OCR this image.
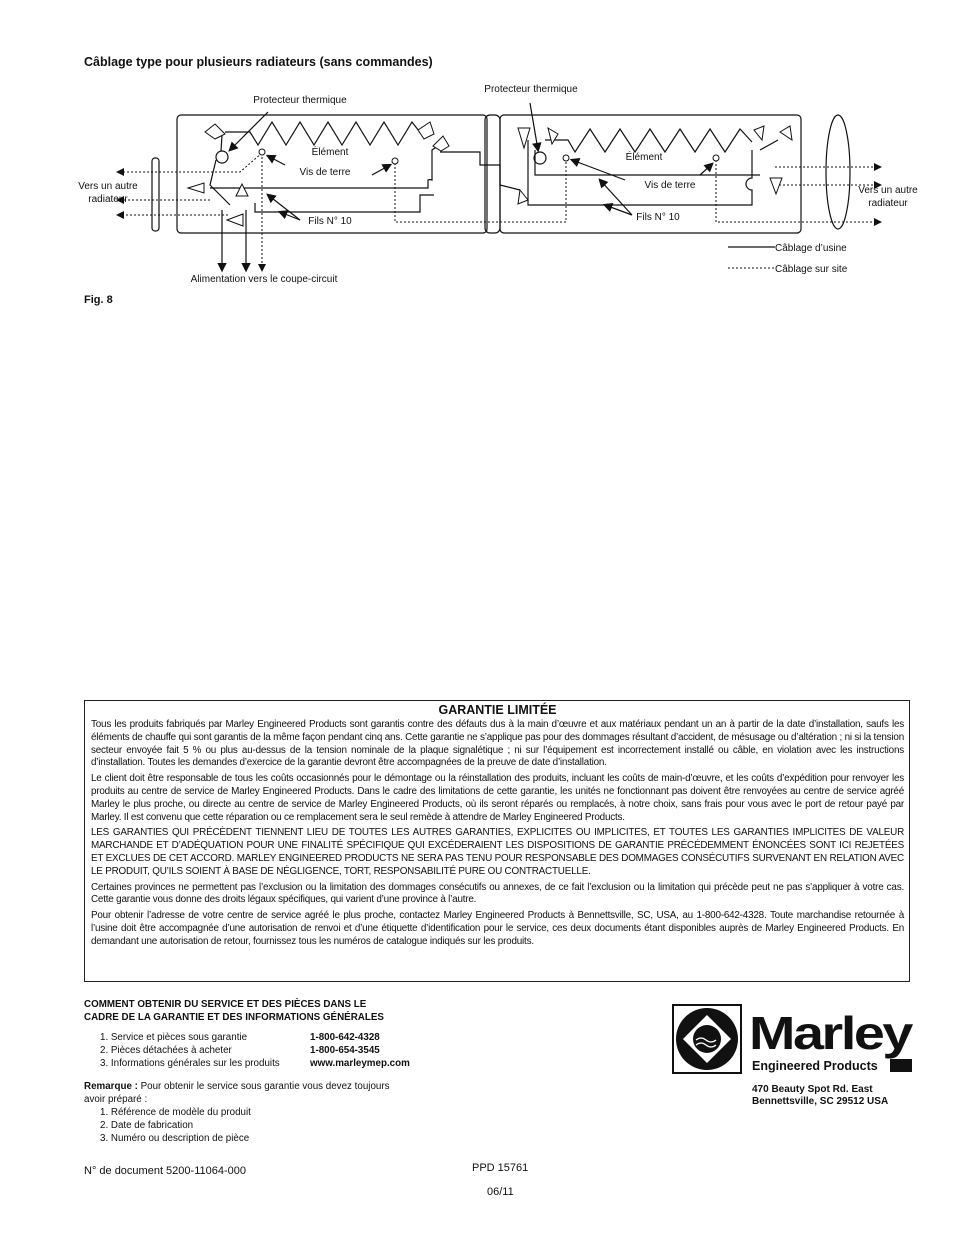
Câblage type pour plusieurs radiateurs (sans commandes)
Protecteur thermique
Protecteur thermique
Élément	Élément
Vis de terre
Vis de terre
Fils N° 10	Fils N° 10
Vers un autre
radiateur
Vers un autre
radiateur
Alimentation vers le coupe-circuit
Câblage d’usine
Câblage sur site
Fig. 8
GARANTIE LIMITÉE

Tous les produits fabriqués par Marley Engineered Products sont garantis contre des défauts dus à la main d’œuvre et aux matériaux pendant un an à partir de la date d’installation, saufs les éléments de chauffe qui sont garantis de la même façon pendant cinq ans. Cette garantie ne s’applique pas pour des dommages résultant d’accident, de mésusage ou d’altération ; ni si la tension secteur envoyée fait 5 % ou plus au-dessus de la tension nominale de la plaque signalétique ; ni sur l’équipement est incorrectement installé ou câble, en violation avec les instructions d’installation. Toutes les demandes d’exercice de la garantie devront être accompagnées de la preuve de date d’installation.

Le client doit être responsable de tous les coûts occasionnés pour le démontage ou la réinstallation des produits, incluant les coûts de main-d’œuvre, et les coûts d’expédition pour renvoyer les produits au centre de service de Marley Engineered Products. Dans le cadre des limitations de cette garantie, les unités ne fonctionnant pas doivent être renvoyées au centre de service agréé Marley le plus proche, ou directe au centre de service de Marley Engineered Products, où ils seront réparés ou remplacés, à notre choix, sans frais pour vous avec le port de retour payé par Marley. Il est convenu que cette réparation ou ce remplacement sera le seul remède à attendre de Marley Engineered Products.

LES GARANTIES QUI PRÉCÈDENT TIENNENT LIEU DE TOUTES LES AUTRES GARANTIES, EXPLICITES OU IMPLICITES, ET TOUTES LES GARANTIES IMPLICITES DE VALEUR MARCHANDE ET D’ADÉQUATION POUR UNE FINALITÉ SPÉCIFIQUE QUI EXCÉDERAIENT LES DISPOSITIONS DE GARANTIE PRÉCÉDEMMENT ÉNONCÉES SONT ICI REJETÉES ET EXCLUES DE CET ACCORD. MARLEY ENGINEERED PRODUCTS NE SERA PAS TENU POUR RESPONSABLE DES DOMMAGES CONSÉCUTIFS SURVENANT EN RELATION AVEC LE PRODUIT, QU’ILS SOIENT À BASE DE NÉGLIGENCE, TORT, RESPONSABILITÉ PURE OU CONTRACTUELLE.

Certaines provinces ne permettent pas l’exclusion ou la limitation des dommages consécutifs ou annexes, de ce fait l’exclusion ou la limitation qui précède peut ne pas s’appliquer à votre cas. Cette garantie vous donne des droits légaux spécifiques, qui varient d’une province à l’autre.

Pour obtenir l’adresse de votre centre de service agréé le plus proche, contactez Marley Engineered Products à Bennettsville, SC, USA, au 1-800-642-4328. Toute marchandise retournée à l’usine doit être accompagnée d’une autorisation de renvoi et d’une étiquette d’identification pour le service, ces deux documents étant disponibles auprès de Marley Engineered Products. En demandant une autorisation de retour, fournissez tous les numéros de catalogue indiqués sur les produits.

COMMENT OBTENIR DU SERVICE ET DES PIÈCES DANS LE
CADRE DE LA GARANTIE ET DES INFORMATIONS GÉNÉRALES
1. Service et pièces sous garantie	1-800-642-4328
2. Pièces détachées à acheter	1-800-654-3545
3. Informations générales sur les produits	www.marleymep.com
Remarque : Pour obtenir le service sous garantie vous devez toujours
avoir préparé :
1. Référence de modèle du produit
2. Date de fabrication
3. Numéro ou description de pièce
Marley
Engineered Products
470 Beauty Spot Rd. East
Bennettsville, SC 29512 USA
N° de document 5200-11064-000	PPD 15761
06/11
